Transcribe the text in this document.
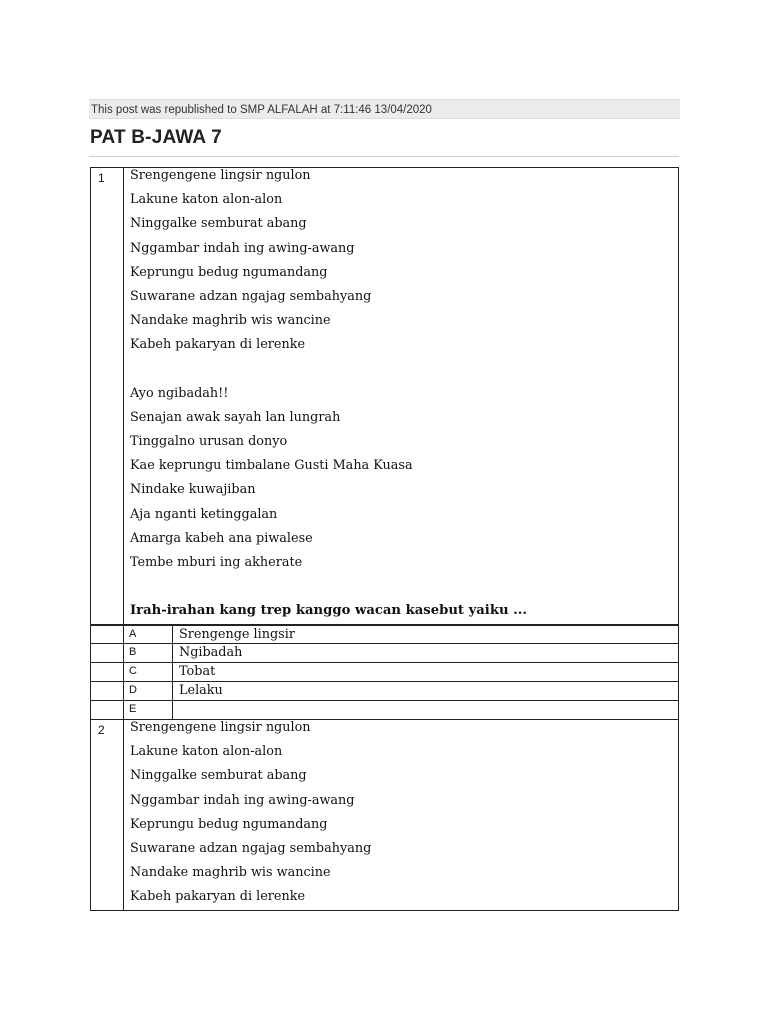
This post was republished to SMP ALFALAH at 7:11:46 13/04/2020
PAT B-JAWA 7
1	Srengengene lingsir ngulon
Lakune katon alon-alon
Ninggalke semburat abang
Nggambar indah ing awing-awang
Keprungu bedug ngumandang
Suwarane adzan ngajag sembahyang
Nandake maghrib wis wancine
Kabeh pakaryan di lerenke
Ayo ngibadah!!
Senajan awak sayah lan lungrah
Tinggalno urusan donyo
Kae keprungu timbalane Gusti Maha Kuasa
Nindake kuwajiban
Aja nganti ketinggalan
Amarga kabeh ana piwalese
Tembe mburi ing akherate
Irah-irahan kang trep kanggo wacan kasebut yaiku ...
A	Srengenge lingsir
B	Ngibadah
C	Tobat
D	Lelaku
E
2	Srengengene lingsir ngulon
Lakune katon alon-alon
Ninggalke semburat abang
Nggambar indah ing awing-awang
Keprungu bedug ngumandang
Suwarane adzan ngajag sembahyang
Nandake maghrib wis wancine
Kabeh pakaryan di lerenke
